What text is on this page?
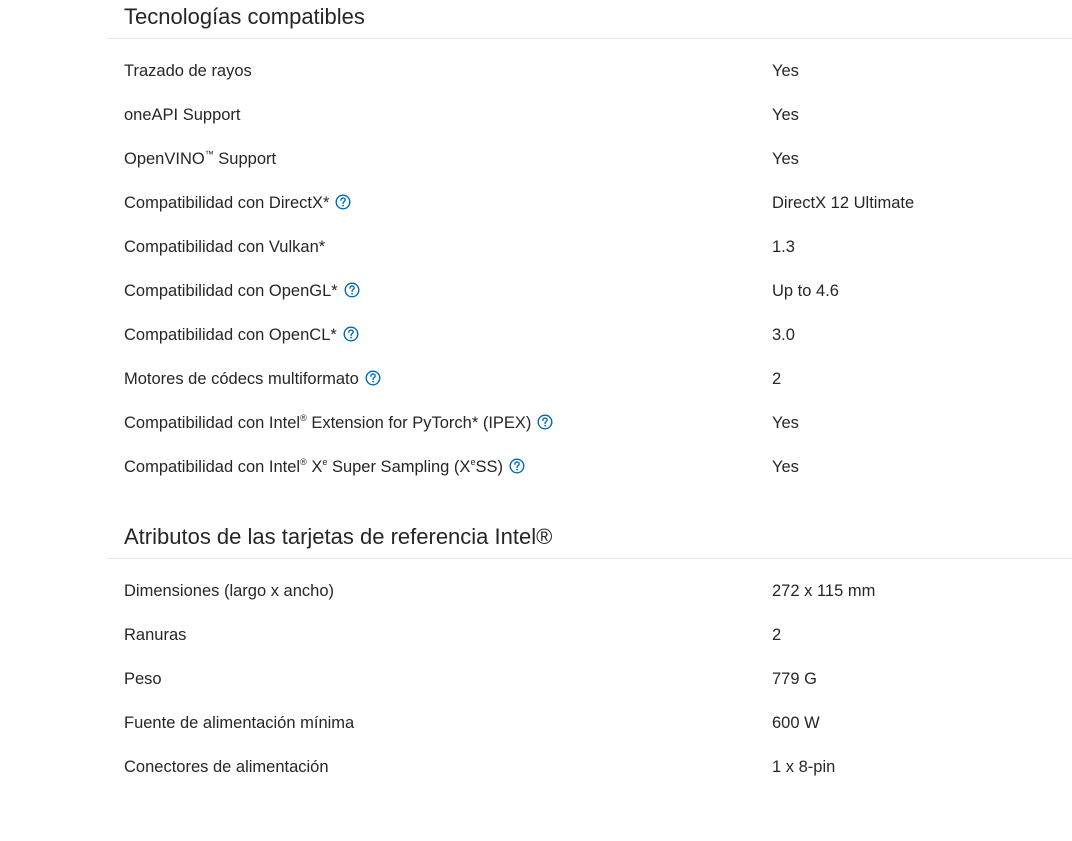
Tecnologías compatibles
Trazado de rayos	Yes
oneAPI Support	Yes
OpenVINO™ Support	Yes
Compatibilidad con DirectX*	DirectX 12 Ultimate
Compatibilidad con Vulkan*	1.3
Compatibilidad con OpenGL*	Up to 4.6
Compatibilidad con OpenCL*	3.0
Motores de códecs multiformato	2
Compatibilidad con Intel® Extension for PyTorch* (IPEX)	Yes
Compatibilidad con Intel® Xe Super Sampling (XeSS)	Yes
Atributos de las tarjetas de referencia Intel®
Dimensiones (largo x ancho)	272 x 115 mm
Ranuras	2
Peso	779 G
Fuente de alimentación mínima	600 W
Conectores de alimentación	1 x 8-pin
